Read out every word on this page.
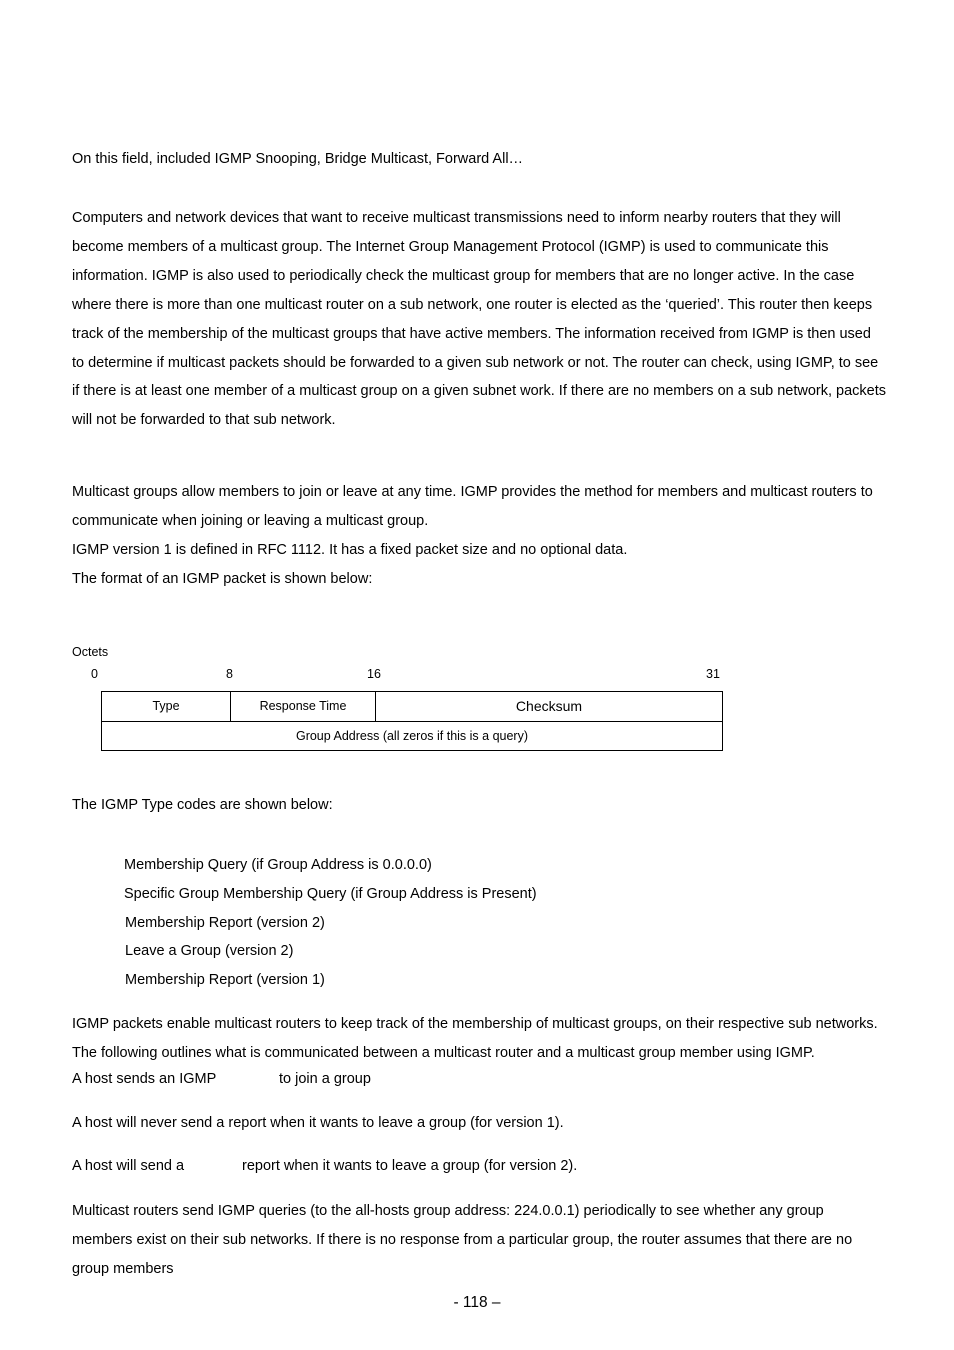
On this field, included IGMP Snooping, Bridge Multicast, Forward All…

Computers and network devices that want to receive multicast transmissions need to inform nearby routers that they will become members of a multicast group. The Internet Group Management Protocol (IGMP) is used to communicate this information. IGMP is also used to periodically check the multicast group for members that are no longer active. In the case where there is more than one multicast router on a sub network, one router is elected as the ‘queried’. This router then keeps track of the membership of the multicast groups that have active members. The information received from IGMP is then used to determine if multicast packets should be forwarded to a given sub network or not. The router can check, using IGMP, to see if there is at least one member of a multicast group on a given subnet work. If there are no members on a sub network, packets will not be forwarded to that sub network.

Multicast groups allow members to join or leave at any time. IGMP provides the method for members and multicast routers to communicate when joining or leaving a multicast group.

IGMP version 1 is defined in RFC 1112. It has a fixed packet size and no optional data.

The format of an IGMP packet is shown below:

Octets
0	8	16	31
Type	Response Time	Checksum
Group Address (all zeros if this is a query)
The IGMP Type codes are shown below:
Membership Query (if Group Address is 0.0.0.0)
Specific Group Membership Query (if Group Address is Present)
Membership Report (version 2)
Leave a Group (version 2)
Membership Report (version 1)

IGMP packets enable multicast routers to keep track of the membership of multicast groups, on their respective sub networks.

The following outlines what is communicated between a multicast router and a multicast group member using IGMP.

A host sends an IGMP	to join a group
A host will never send a report when it wants to leave a group (for version 1).
A host will send a	report when it wants to leave a group (for version 2).

Multicast routers send IGMP queries (to the all-hosts group address: 224.0.0.1) periodically to see whether any group members exist on their sub networks. If there is no response from a particular group, the router assumes that there are no group members

- 118 –
